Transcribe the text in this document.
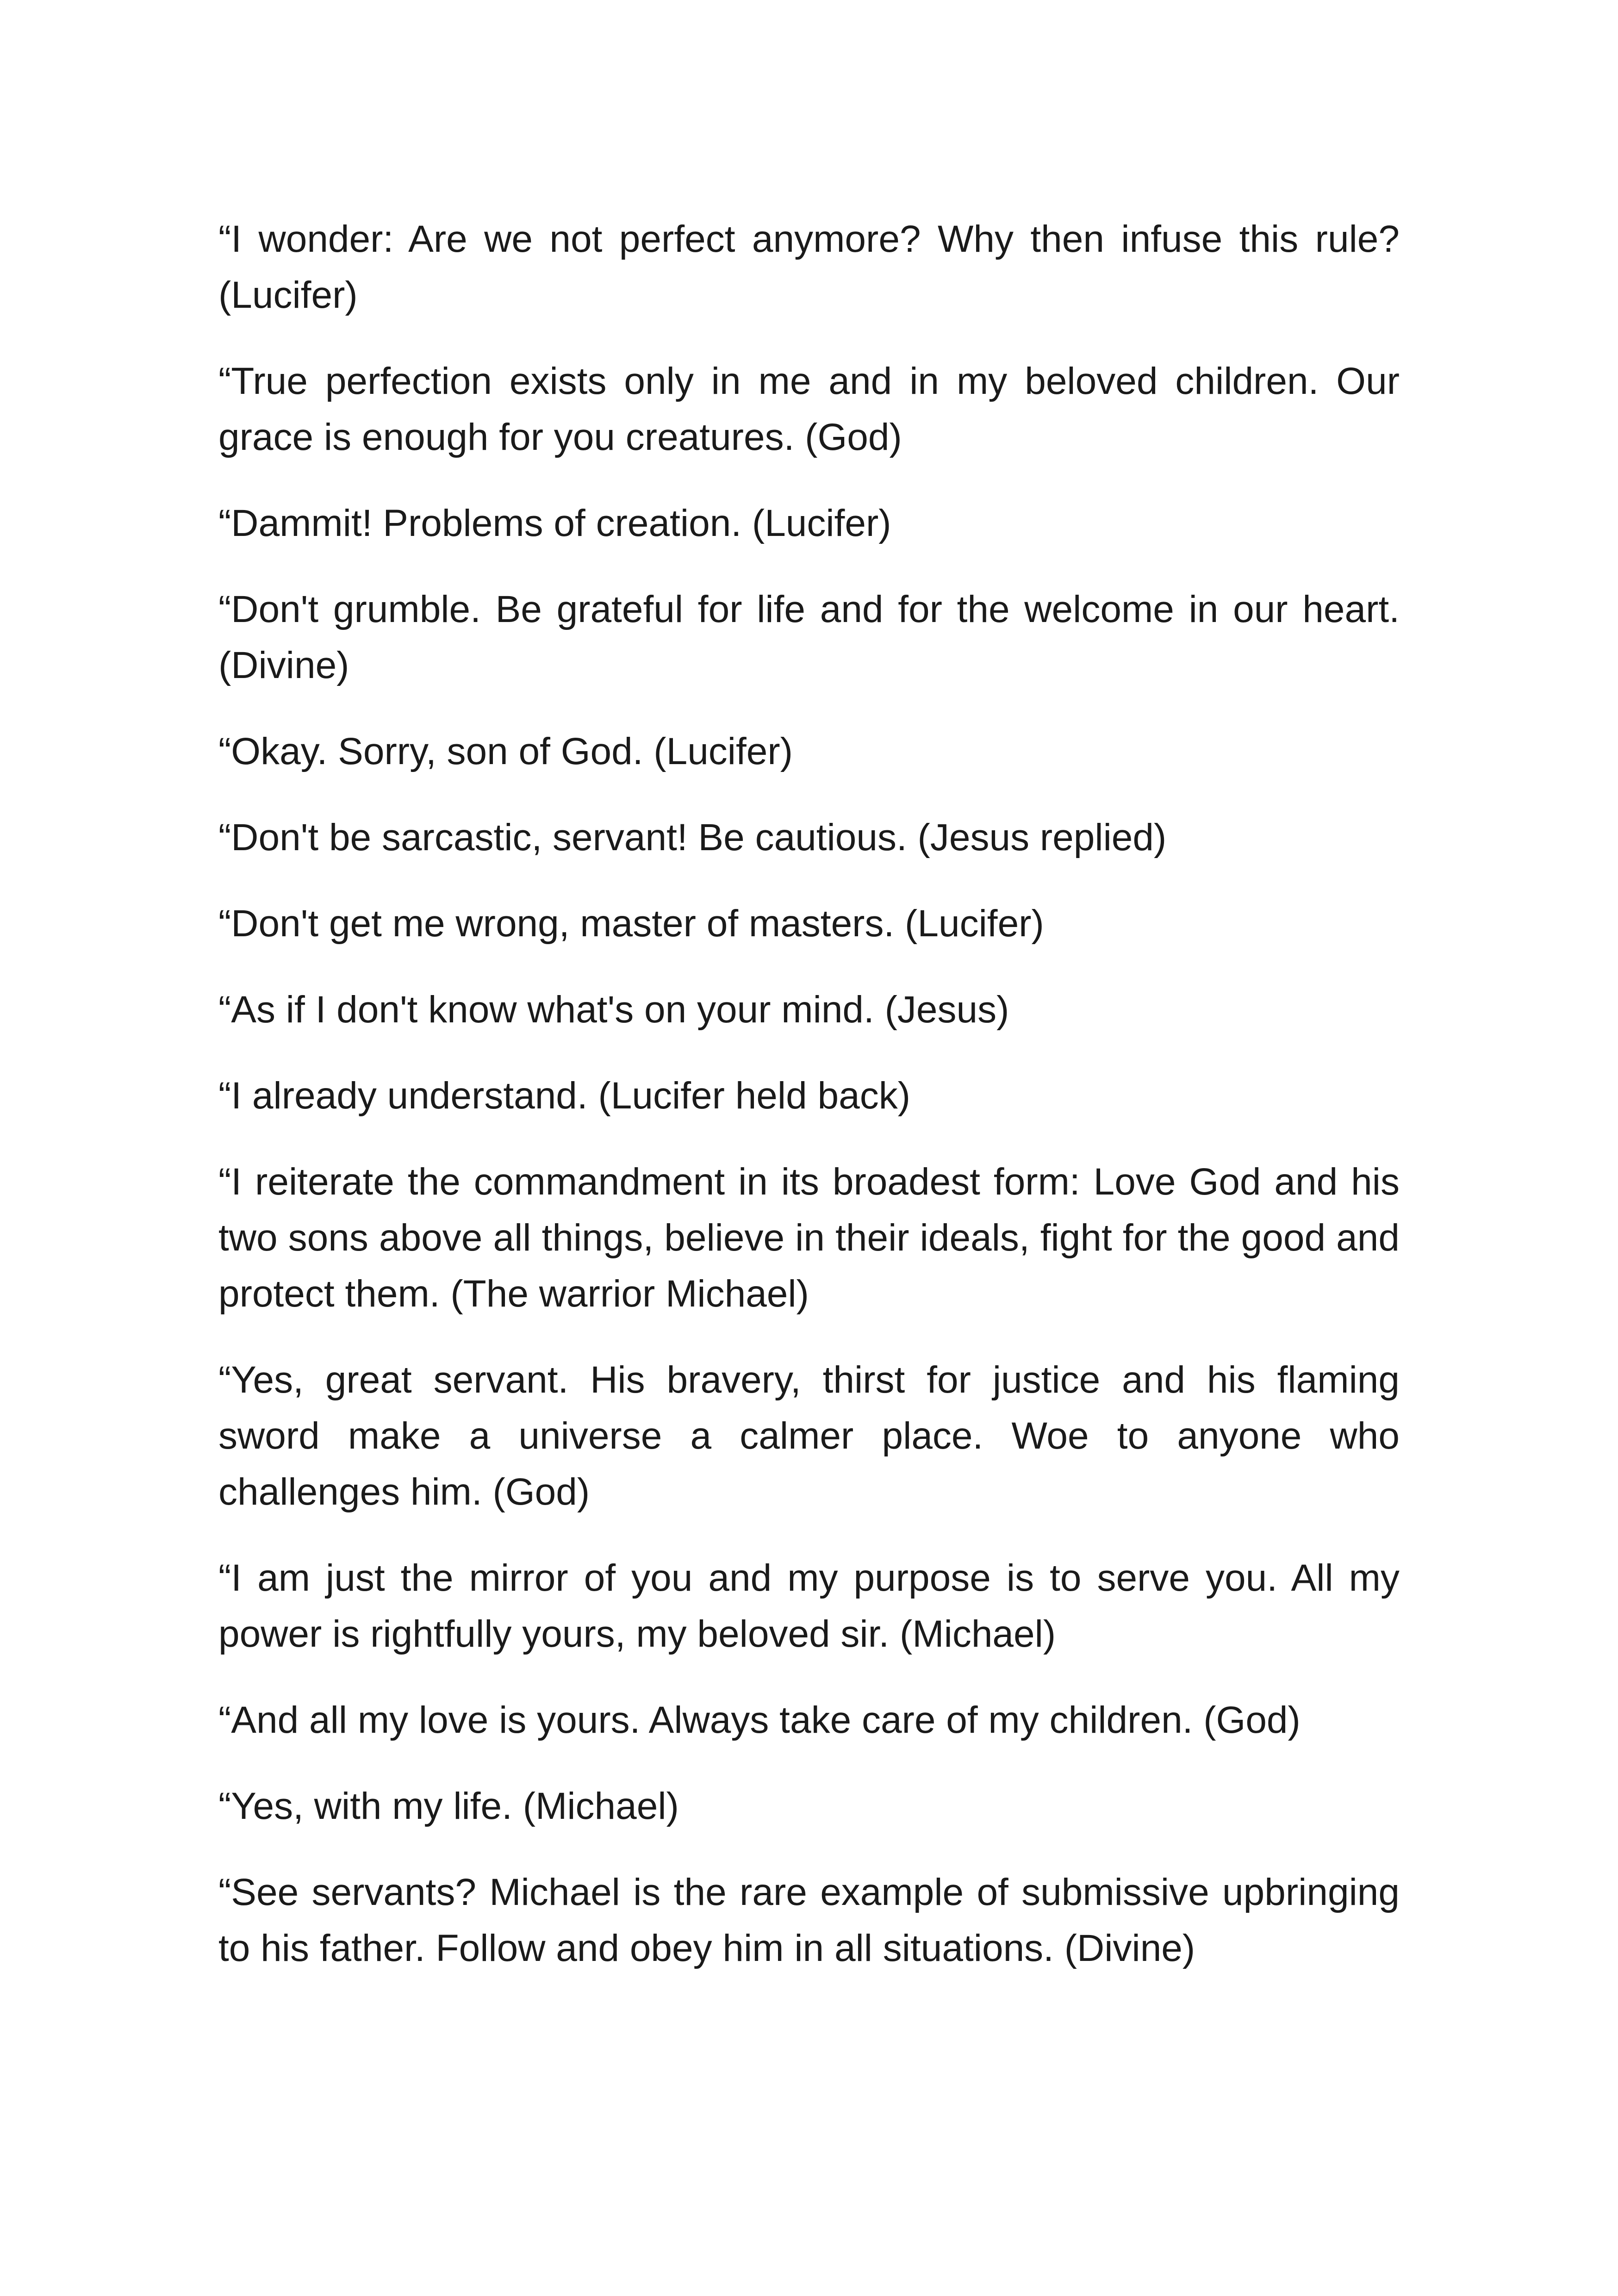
“I wonder: Are we not perfect anymore? Why then infuse this rule? (Lucifer)

“True perfection exists only in me and in my beloved children. Our grace is enough for you creatures. (God)

“Dammit! Problems of creation. (Lucifer)

“Don't grumble. Be grateful for life and for the welcome in our heart. (Divine)

“Okay. Sorry, son of God. (Lucifer)

“Don't be sarcastic, servant! Be cautious. (Jesus replied)

“Don't get me wrong, master of masters. (Lucifer)

“As if I don't know what's on your mind. (Jesus)

“I already understand. (Lucifer held back)

“I reiterate the commandment in its broadest form: Love God and his two sons above all things, believe in their ideals, fight for the good and protect them. (The warrior Michael)

“Yes, great servant. His bravery, thirst for justice and his flaming sword make a universe a calmer place. Woe to anyone who challenges him. (God)

“I am just the mirror of you and my purpose is to serve you. All my power is rightfully yours, my beloved sir. (Michael)

“And all my love is yours. Always take care of my children. (God)

“Yes, with my life. (Michael)

“See servants? Michael is the rare example of submissive upbringing to his father. Follow and obey him in all situations. (Divine)
